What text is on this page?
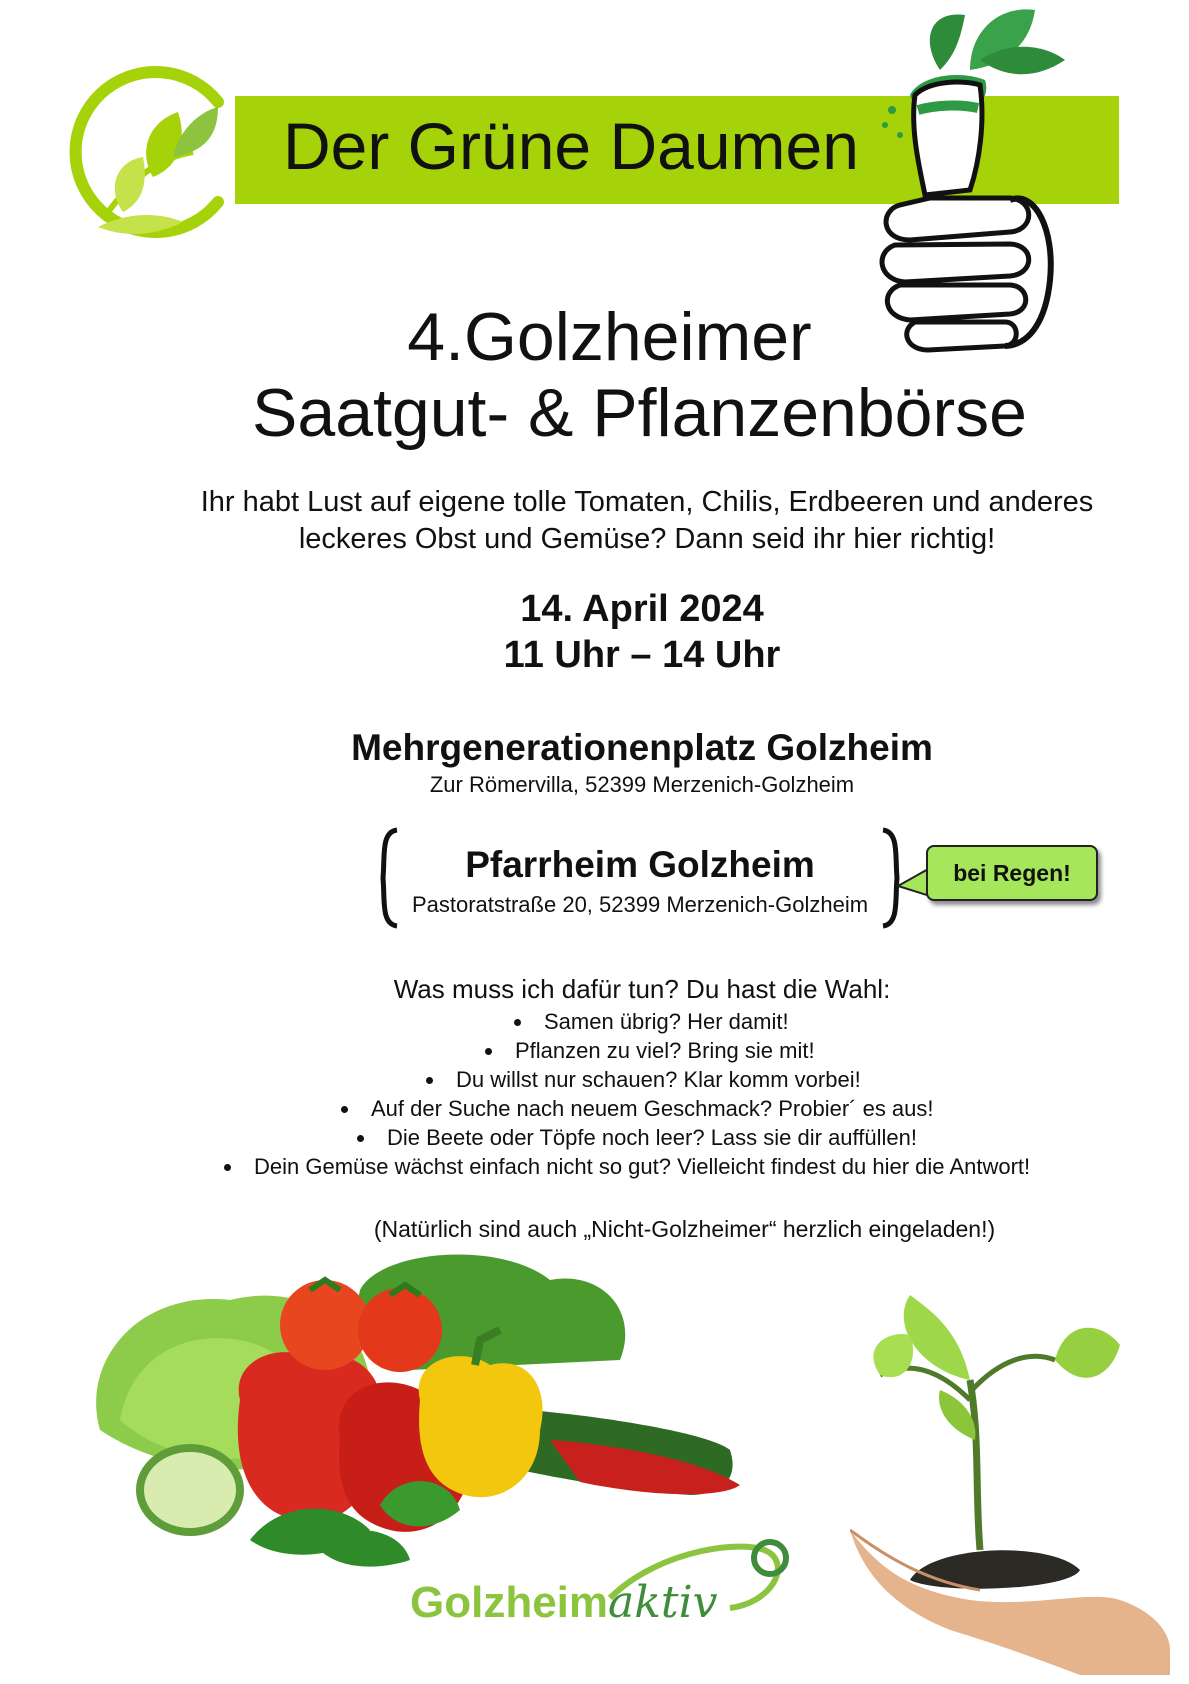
Der Grüne Daumen
4.Golzheimer
Saatgut- & Pflanzenbörse
Ihr habt Lust auf eigene tolle Tomaten, Chilis, Erdbeeren und anderes
leckeres Obst und Gemüse? Dann seid ihr hier richtig!
14. April 2024
11 Uhr – 14 Uhr
Mehrgenerationenplatz Golzheim
Zur Römervilla, 52399 Merzenich-Golzheim
Pfarrheim Golzheim
Pastoratstraße 20, 52399 Merzenich-Golzheim
bei Regen!
Was muss ich dafür tun? Du hast die Wahl:
Samen übrig? Her damit!
Pflanzen zu viel? Bring sie mit!
Du willst nur schauen? Klar komm vorbei!
Auf der Suche nach neuem Geschmack? Probier´ es aus!
Die Beete oder Töpfe noch leer? Lass sie dir auffüllen!
Dein Gemüse wächst einfach nicht so gut? Vielleicht findest du hier die Antwort!
(Natürlich sind auch „Nicht-Golzheimer“ herzlich eingeladen!)
Golzheimaktiv
